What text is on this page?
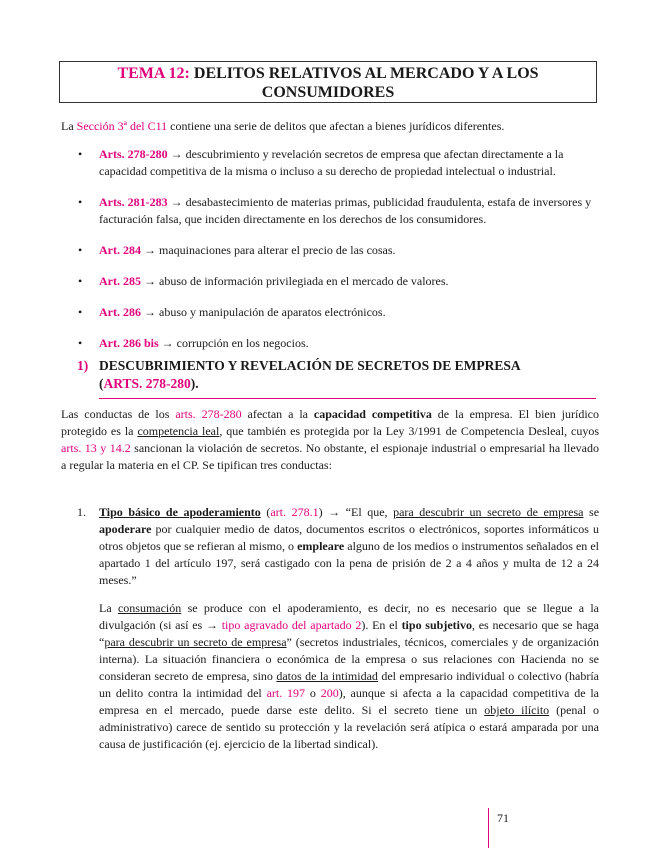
TEMA 12: DELITOS RELATIVOS AL MERCADO Y A LOS
CONSUMIDORES
La Sección 3ª del C11 contiene una serie de delitos que afectan a bienes jurídicos diferentes.
• Arts. 278-280 → descubrimiento y revelación secretos de empresa que afectan directamente a la capacidad competitiva de la misma o incluso a su derecho de propiedad intelectual o industrial.
• Arts. 281-283 → desabastecimiento de materias primas, publicidad fraudulenta, estafa de inversores y facturación falsa, que inciden directamente en los derechos de los consumidores.
• Art. 284 → maquinaciones para alterar el precio de las cosas.
• Art. 285 → abuso de información privilegiada en el mercado de valores.
• Art. 286 → abuso y manipulación de aparatos electrónicos.
• Art. 286 bis → corrupción en los negocios.
1) DESCUBRIMIENTO Y REVELACIÓN DE SECRETOS DE EMPRESA
(ARTS. 278-280).
Las conductas de los arts. 278-280 afectan a la capacidad competitiva de la empresa. El bien jurídico protegido es la competencia leal, que también es protegida por la Ley 3/1991 de Competencia Desleal, cuyos arts. 13 y 14.2 sancionan la violación de secretos. No obstante, el espionaje industrial o empresarial ha llevado a regular la materia en el CP. Se tipifican tres conductas:
1. Tipo básico de apoderamiento (art. 278.1) → “El que, para descubrir un secreto de empresa se apoderare por cualquier medio de datos, documentos escritos o electrónicos, soportes informáticos u otros objetos que se refieran al mismo, o empleare alguno de los medios o instrumentos señalados en el apartado 1 del artículo 197, será castigado con la pena de prisión de 2 a 4 años y multa de 12 a 24 meses.”
La consumación se produce con el apoderamiento, es decir, no es necesario que se llegue a la divulgación (si así es → tipo agravado del apartado 2). En el tipo subjetivo, es necesario que se haga “para descubrir un secreto de empresa” (secretos industriales, técnicos, comerciales y de organización interna). La situación financiera o económica de la empresa o sus relaciones con Hacienda no se consideran secreto de empresa, sino datos de la intimidad del empresario individual o colectivo (habría un delito contra la intimidad del art. 197 o 200), aunque si afecta a la capacidad competitiva de la empresa en el mercado, puede darse este delito. Si el secreto tiene un objeto ilícito (penal o administrativo) carece de sentido su protección y la revelación será atípica o estará amparada por una causa de justificación (ej. ejercicio de la libertad sindical).
71
